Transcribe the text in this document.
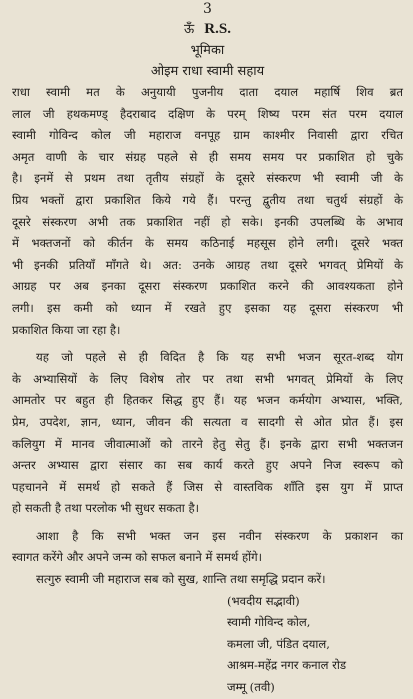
3
ऊँ R.S.
भूमिका
ओइम राधा स्वामी सहाय

राधा स्वामी मत के अनुयायी पुजनीय दाता दयाल महार्षि शिव ब्रत

लाल जी हथकमण्ड् हैदराबाद दक्षिण के परम् शिष्य परम संत परम दयाल

स्वामी गोविन्द कोल जी महाराज वनपूह ग्राम काश्मीर निवासी द्वारा रचित

अमृत वाणी के चार संग्रह पहले से ही समय समय पर प्रकाशित हो चुके

है। इनमें से प्रथम तथा तृतीय संग्रहों के दूसरे संस्करण भी स्वामी जी के

प्रिय भक्तों द्वारा प्रकाशित किये गये हैं। परन्तु द्वुतीय तथा चतुर्थ संग्रहों के

दूसरे संस्करण अभी तक प्रकाशित नहीं हो सके। इनकी उपलब्धि के अभाव

में भक्तजनों को कीर्तन के समय कठिनाई महसूस होने लगी। दूसरे भक्त

भी इनकी प्रतियाँ माँगते थे। अत: उनके आग्रह तथा दूसरे भगवत् प्रेमियों के

आग्रह पर अब इनका दूसरा संस्करण प्रकाशित करने की आवश्यकता होने

लगी। इस कमी को ध्यान में रखते हुए इसका यह दूसरा संस्करण भी

प्रकाशित किया जा रहा है।

यह जो पहले से ही विदित है कि यह सभी भजन सूरत-शब्द योग

के अभ्यासियों के लिए विशेष तोर पर तथा सभी भगवत् प्रेमियों के लिए

आमतोर पर बहुत ही हितकर सिद्ध हुए हैं। यह भजन कर्मयोग अभ्यास, भक्ति,

प्रेम, उपदेश, ज्ञान, ध्यान, जीवन की सत्यता व सादगी से ओत प्रोत हैं। इस

कलियुग में मानव जीवात्माओं को तारने हेतु सेतु हैं। इनके द्वारा सभी भक्तजन

अन्तर अभ्यास द्वारा संसार का सब कार्य करते हुए अपने निज स्वरूप को

पहचानने में समर्थ हो सकते हैं जिस से वास्तविक शाँति इस युग में प्राप्त

हो सकती है तथा परलोक भी सुधर सकता है।

आशा है कि सभी भक्त जन इस नवीन संस्करण के प्रकाशन का

स्वागत करेंगे और अपने जन्म को सफल बनाने में समर्थ होंगे।

सत्गुरु स्वामी जी महाराज सब को सुख, शान्ति तथा समृद्धि प्रदान करें।

(भवदीय सद्भावी)
स्वामी गोविन्द कोल,
कमला जी, पंडित दयाल,
आश्रम-महेंद्र नगर कनाल रोड
जम्मू (तवी)
